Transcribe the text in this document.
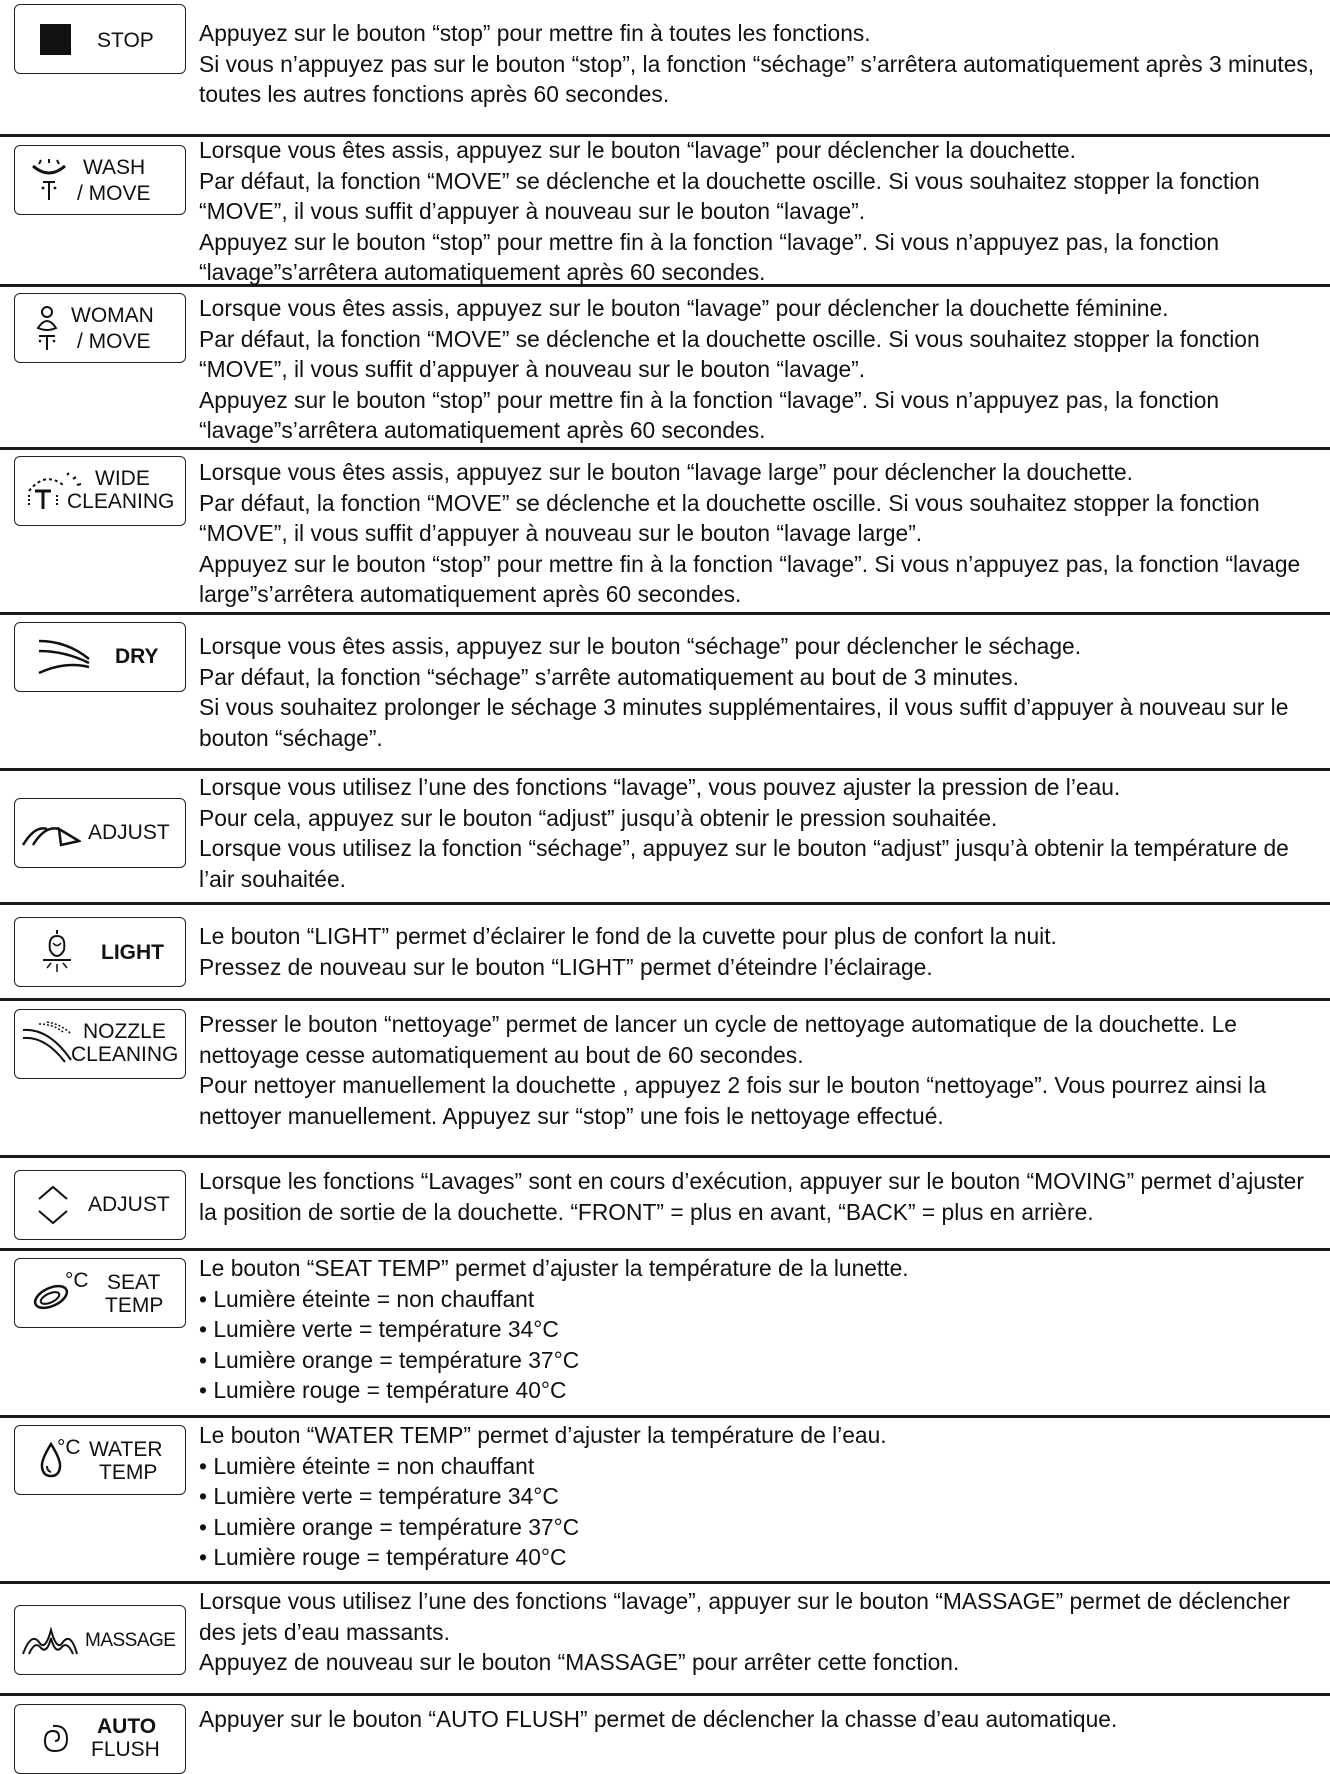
STOP Appuyez sur le bouton “stop” pour mettre fin à toutes les fonctions.

Si vous n’appuyez pas sur le bouton “stop”, la fonction “séchage” s’arrêtera automatiquement après 3 minutes, toutes les autres fonctions après 60 secondes.

WASH
/ MOVE

Lorsque vous êtes assis, appuyez sur le bouton “lavage” pour déclencher la douchette.

Par défaut, la fonction “MOVE” se déclenche et la douchette oscille. Si vous souhaitez stopper la fonction “MOVE”, il vous suffit d’appuyer à nouveau sur le bouton “lavage”.

Appuyez sur le bouton “stop” pour mettre fin à la fonction “lavage”. Si vous n’appuyez pas, la fonction “lavage”s’arrêtera automatiquement après 60 secondes.

WOMAN
/ MOVE

Lorsque vous êtes assis, appuyez sur le bouton “lavage” pour déclencher la douchette féminine.

Par défaut, la fonction “MOVE” se déclenche et la douchette oscille. Si vous souhaitez stopper la fonction “MOVE”, il vous suffit d’appuyer à nouveau sur le bouton “lavage”.

Appuyez sur le bouton “stop” pour mettre fin à la fonction “lavage”. Si vous n’appuyez pas, la fonction “lavage”s’arrêtera automatiquement après 60 secondes.

WIDE
CLEANING

Lorsque vous êtes assis, appuyez sur le bouton “lavage large” pour déclencher la douchette.

Par défaut, la fonction “MOVE” se déclenche et la douchette oscille. Si vous souhaitez stopper la fonction “MOVE”, il vous suffit d’appuyer à nouveau sur le bouton “lavage large”.

Appuyez sur le bouton “stop” pour mettre fin à la fonction “lavage”. Si vous n’appuyez pas, la fonction “lavage large”s’arrêtera automatiquement après 60 secondes.

DRY Lorsque vous êtes assis, appuyez sur le bouton “séchage” pour déclencher le séchage.

Par défaut, la fonction “séchage” s’arrête automatiquement au bout de 3 minutes.

Si vous souhaitez prolonger le séchage 3 minutes supplémentaires, il vous suffit d’appuyer à nouveau sur le bouton “séchage”.

ADJUST

Lorsque vous utilisez l’une des fonctions “lavage”, vous pouvez ajuster la pression de l’eau.

Pour cela, appuyez sur le bouton “adjust” jusqu’à obtenir le pression souhaitée.

Lorsque vous utilisez la fonction “séchage”, appuyez sur le bouton “adjust” jusqu’à obtenir la température de l’air souhaitée.

LIGHT

Le bouton “LIGHT” permet d’éclairer le fond de la cuvette pour plus de confort la nuit.

Pressez de nouveau sur le bouton “LIGHT” permet d’éteindre l’éclairage.

NOZZLE
CLEANING

Presser le bouton “nettoyage” permet de lancer un cycle de nettoyage automatique de la douchette. Le nettoyage cesse automatiquement au bout de 60 secondes.

Pour nettoyer manuellement la douchette , appuyez 2 fois sur le bouton “nettoyage”. Vous pourrez ainsi la nettoyer manuellement. Appuyez sur “stop” une fois le nettoyage effectué.

ADJUST

Lorsque les fonctions “Lavages” sont en cours d’exécution, appuyer sur le bouton “MOVING” permet d’ajuster la position de sortie de la douchette. “FRONT” = plus en avant, “BACK” = plus en arrière.

°C SEAT
TEMP

Le bouton “SEAT TEMP” permet d’ajuster la température de la lunette.

• Lumière éteinte = non chauffant

• Lumière verte = température 34°C

• Lumière orange = température 37°C

• Lumière rouge = température 40°C

°C WATER
TEMP

Le bouton “WATER TEMP” permet d’ajuster la température de l’eau.

• Lumière éteinte = non chauffant

• Lumière verte = température 34°C

• Lumière orange = température 37°C

• Lumière rouge = température 40°C

MASSAGE

Lorsque vous utilisez l’une des fonctions “lavage”, appuyer sur le bouton “MASSAGE” permet de déclencher des jets d’eau massants.

Appuyez de nouveau sur le bouton “MASSAGE” pour arrêter cette fonction.

AUTO
FLUSH

Appuyer sur le bouton “AUTO FLUSH” permet de déclencher la chasse d’eau automatique.
